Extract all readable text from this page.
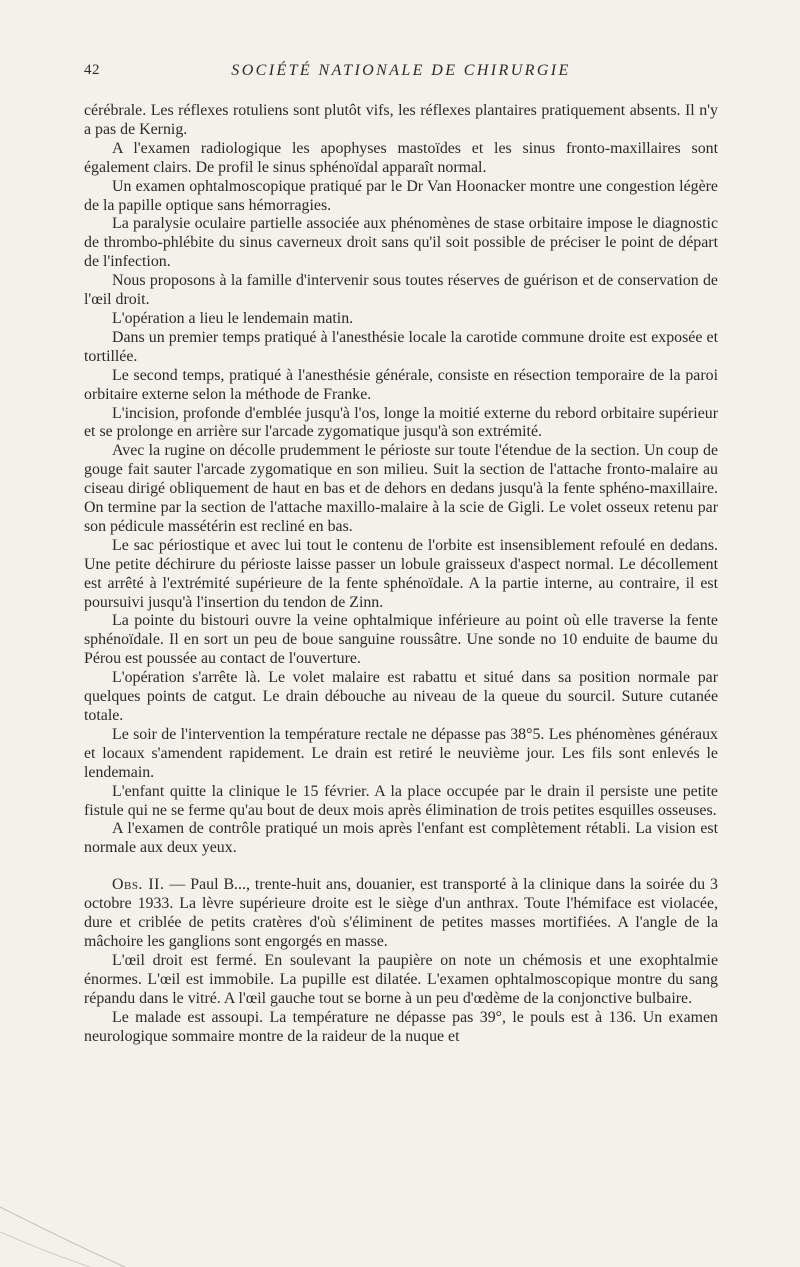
42	SOCIÉTÉ NATIONALE DE CHIRURGIE

cérébrale. Les réflexes rotuliens sont plutôt vifs, les réflexes plantaires pratiquement absents. Il n'y a pas de Kernig.

A l'examen radiologique les apophyses mastoïdes et les sinus fronto-maxillaires sont également clairs. De profil le sinus sphénoïdal apparaît normal.

Un examen ophtalmoscopique pratiqué par le Dr Van Hoonacker montre une congestion légère de la papille optique sans hémorragies.

La paralysie oculaire partielle associée aux phénomènes de stase orbitaire impose le diagnostic de thrombo-phlébite du sinus caverneux droit sans qu'il soit possible de préciser le point de départ de l'infection.

Nous proposons à la famille d'intervenir sous toutes réserves de guérison et de conservation de l'œil droit.

L'opération a lieu le lendemain matin.

Dans un premier temps pratiqué à l'anesthésie locale la carotide commune droite est exposée et tortillée.

Le second temps, pratiqué à l'anesthésie générale, consiste en résection temporaire de la paroi orbitaire externe selon la méthode de Franke.

L'incision, profonde d'emblée jusqu'à l'os, longe la moitié externe du rebord orbitaire supérieur et se prolonge en arrière sur l'arcade zygomatique jusqu'à son extrémité.

Avec la rugine on décolle prudemment le périoste sur toute l'étendue de la section. Un coup de gouge fait sauter l'arcade zygomatique en son milieu. Suit la section de l'attache fronto-malaire au ciseau dirigé obliquement de haut en bas et de dehors en dedans jusqu'à la fente sphéno-maxillaire. On termine par la section de l'attache maxillo-malaire à la scie de Gigli. Le volet osseux retenu par son pédicule massétérin est recliné en bas.

Le sac périostique et avec lui tout le contenu de l'orbite est insensiblement refoulé en dedans. Une petite déchirure du périoste laisse passer un lobule graisseux d'aspect normal. Le décollement est arrêté à l'extrémité supérieure de la fente sphénoïdale. A la partie interne, au contraire, il est poursuivi jusqu'à l'insertion du tendon de Zinn.

La pointe du bistouri ouvre la veine ophtalmique inférieure au point où elle traverse la fente sphénoïdale. Il en sort un peu de boue sanguine roussâtre. Une sonde no 10 enduite de baume du Pérou est poussée au contact de l'ouverture.

L'opération s'arrête là. Le volet malaire est rabattu et situé dans sa position normale par quelques points de catgut. Le drain débouche au niveau de la queue du sourcil. Suture cutanée totale.

Le soir de l'intervention la température rectale ne dépasse pas 38°5. Les phénomènes généraux et locaux s'amendent rapidement. Le drain est retiré le neuvième jour. Les fils sont enlevés le lendemain.

L'enfant quitte la clinique le 15 février. A la place occupée par le drain il persiste une petite fistule qui ne se ferme qu'au bout de deux mois après élimination de trois petites esquilles osseuses.

A l'examen de contrôle pratiqué un mois après l'enfant est complètement rétabli. La vision est normale aux deux yeux.

Obs. II. — Paul B..., trente-huit ans, douanier, est transporté à la clinique dans la soirée du 3 octobre 1933. La lèvre supérieure droite est le siège d'un anthrax. Toute l'hémiface est violacée, dure et criblée de petits cratères d'où s'éliminent de petites masses mortifiées. A l'angle de la mâchoire les ganglions sont engorgés en masse.

L'œil droit est fermé. En soulevant la paupière on note un chémosis et une exophtalmie énormes. L'œil est immobile. La pupille est dilatée. L'examen ophtalmoscopique montre du sang répandu dans le vitré. A l'œil gauche tout se borne à un peu d'œdème de la conjonctive bulbaire.

Le malade est assoupi. La température ne dépasse pas 39°, le pouls est à 136. Un examen neurologique sommaire montre de la raideur de la nuque et
